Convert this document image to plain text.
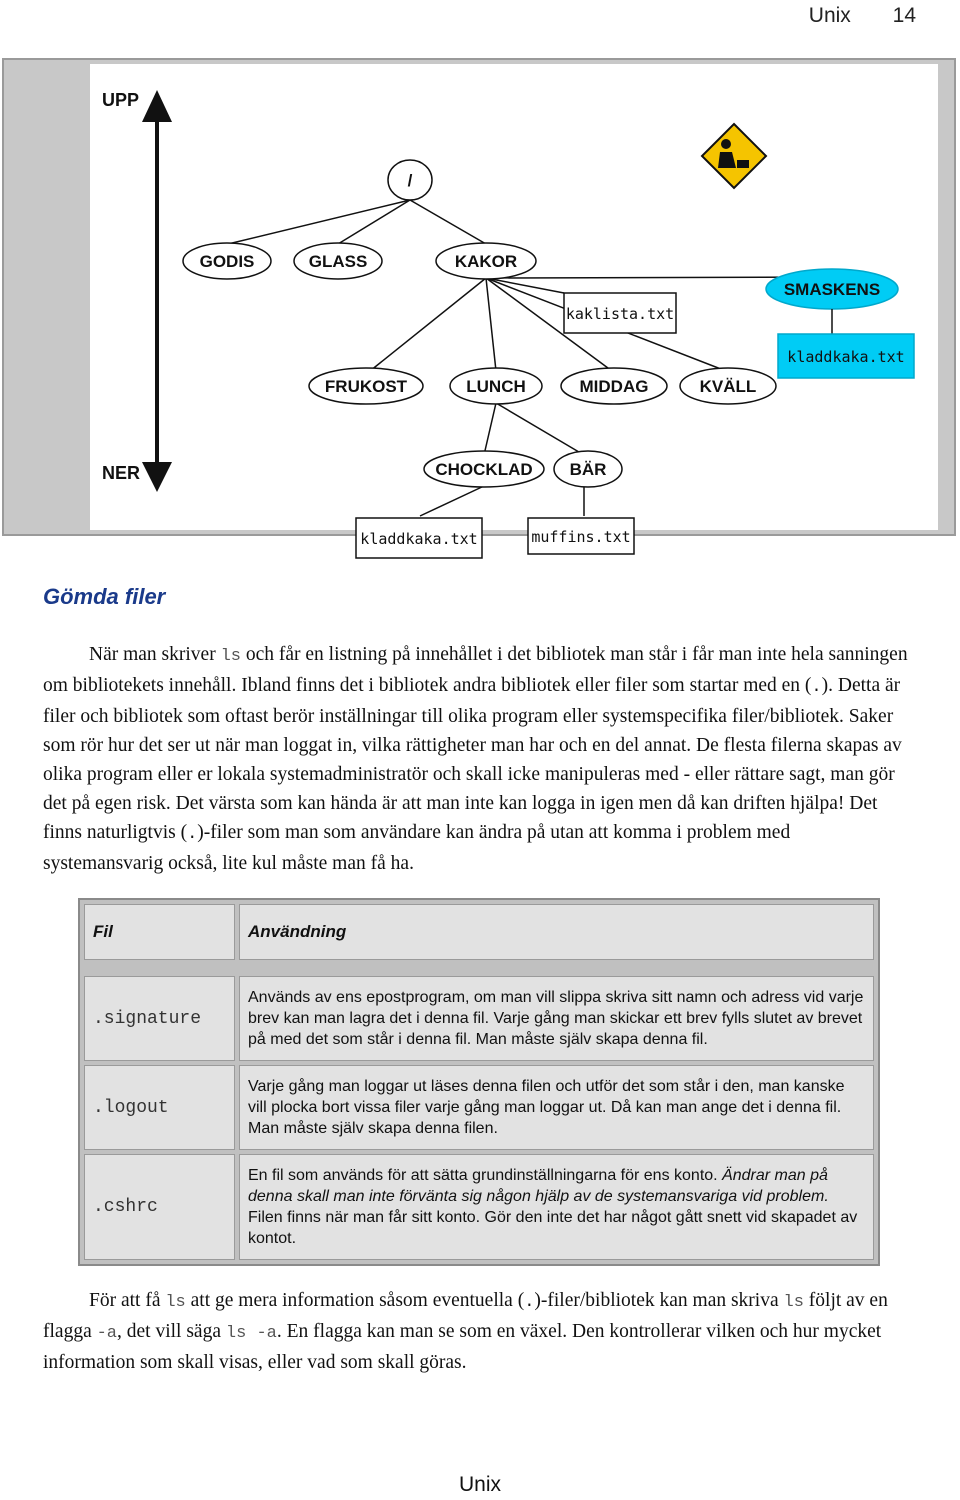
Unix 14
UPP
NER
/
GODIS	GLASS	KAKOR
SMASKENS
kladdkaka.txt
kaklista.txt
FRUKOST	LUNCH	MIDDAG	KVÄLL
CHOCKLAD BÄR
kladdkaka.txt	muffins.txt
Gömda filer

När man skriver ls och får en listning på innehållet i det bibliotek man står i får man inte hela sanningen om bibliotekets innehåll. Ibland finns det i bibliotek andra bibliotek eller filer som startar med en (.). Detta är filer och bibliotek som oftast berör inställningar till olika program eller systemspecifika filer/bibliotek. Saker som rör hur det ser ut när man loggat in, vilka rättigheter man har och en del annat. De flesta filerna skapas av olika program eller er lokala systemadministratör och skall icke manipuleras med - eller rättare sagt, man gör det på egen risk. Det värsta som kan hända är att man inte kan logga in igen men då kan driften hjälpa! Det finns naturligtvis (.)-filer som man som användare kan ändra på utan att komma i problem med systemansvarig också, lite kul måste man få ha.

Fil	Användning

.signature	Används av ens epostprogram, om man vill slippa skriva sitt namn och adress vid varje brev kan man lagra det i denna fil. Varje gång man skickar ett brev fylls slutet av brevet på med det som står i denna fil. Man måste själv skapa denna fil.
.logout	Varje gång man loggar ut läses denna filen och utför det som står i den, man kanske vill plocka bort vissa filer varje gång man loggar ut. Då kan man ange det i denna fil. Man måste själv skapa denna filen.
.cshrc	En fil som används för att sätta grundinställningarna för ens konto. Ändrar man på denna skall man inte förvänta sig någon hjälp av de systemansvariga vid problem. Filen finns när man får sitt konto. Gör den inte det har något gått snett vid skapadet av kontot.

För att få ls att ge mera information såsom eventuella (.)-filer/bibliotek kan man skriva ls följt av en flagga -a, det vill säga ls -a. En flagga kan man se som en växel. Den kontrollerar vilken och hur mycket information som skall visas, eller vad som skall göras.

Unix
